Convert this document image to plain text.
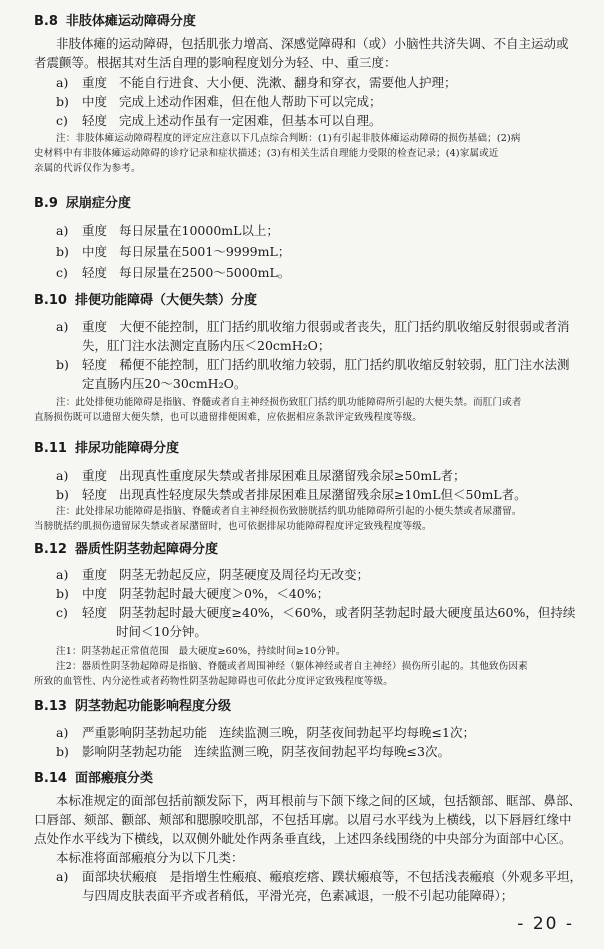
B.8 非肢体瘫运动障碍分度
非肢体瘫的运动障碍，包括肌张力增高、深感觉障碍和（或）小脑性共济失调、不自主运动或
者震颤等。根据其对生活自理的影响程度划分为轻、中、重三度：
a) 重度 不能自行进食、大小便、洗漱、翻身和穿衣，需要他人护理；
b) 中度 完成上述动作困难，但在他人帮助下可以完成；
c) 轻度 完成上述动作虽有一定困难，但基本可以自理。
注：非肢体瘫运动障碍程度的评定应注意以下几点综合判断：(1)有引起非肢体瘫运动障碍的损伤基础；(2)病
史材料中有非肢体瘫运动障碍的诊疗记录和症状描述；(3)有相关生活自理能力受限的检查记录；(4)家属或近
亲属的代诉仅作为参考。
B.9 尿崩症分度
a) 重度 每日尿量在10000mL以上；
b) 中度 每日尿量在5001～9999mL；
c) 轻度 每日尿量在2500～5000mL。
B.10 排便功能障碍（大便失禁）分度
a) 重度　大便不能控制，肛门括约肌收缩力很弱或者丧失，肛门括约肌收缩反射很弱或者消
失，肛门注水法测定直肠内压＜20cmH₂O；
b) 轻度　稀便不能控制，肛门括约肌收缩力较弱，肛门括约肌收缩反射较弱，肛门注水法测
定直肠内压20～30cmH₂O。
注：此处排便功能障碍是指脑、脊髓或者自主神经损伤致肛门括约肌功能障碍所引起的大便失禁。而肛门或者
直肠损伤既可以遗留大便失禁，也可以遗留排便困难，应依据相应条款评定致残程度等级。
B.11 排尿功能障碍分度
a) 重度 出现真性重度尿失禁或者排尿困难且尿潴留残余尿≥50mL者；
b) 轻度 出现真性轻度尿失禁或者排尿困难且尿潴留残余尿≥10mL但＜50mL者。
注：此处排尿功能障碍是指脑、脊髓或者自主神经损伤致膀胱括约肌功能障碍所引起的小便失禁或者尿潴留。
当膀胱括约肌损伤遗留尿失禁或者尿潴留时，也可依据排尿功能障碍程度评定致残程度等级。
B.12 器质性阴茎勃起障碍分度
a) 重度 阴茎无勃起反应，阴茎硬度及周径均无改变；
b) 中度 阴茎勃起时最大硬度＞0%，＜40%；
c) 轻度 阴茎勃起时最大硬度≥40%，＜60%，或者阴茎勃起时最大硬度虽达60%，但持续
时间＜10分钟。
注1：阴茎勃起正常值范围　最大硬度≥60%，持续时间≥10分钟。
注2：器质性阴茎勃起障碍是指脑、脊髓或者周围神经（躯体神经或者自主神经）损伤所引起的。其他致伤因素
所致的血管性、内分泌性或者药物性阴茎勃起障碍也可依此分度评定致残程度等级。
B.13 阴茎勃起功能影响程度分级
a) 严重影响阴茎勃起功能 连续监测三晚，阴茎夜间勃起平均每晚≤1次；
b) 影响阴茎勃起功能 连续监测三晚，阴茎夜间勃起平均每晚≤3次。
B.14 面部瘢痕分类
本标准规定的面部包括前额发际下，两耳根前与下颌下缘之间的区域，包括额部、眶部、鼻部、
口唇部、颏部、颧部、颊部和腮腺咬肌部，不包括耳廓。以眉弓水平线为上横线，以下唇唇红缘中
点处作水平线为下横线，以双侧外眦处作两条垂直线，上述四条线围绕的中央部分为面部中心区。
本标准将面部瘢痕分为以下几类：
a) 面部块状瘢痕　是指增生性瘢痕、瘢痕疙瘩、蹼状瘢痕等，不包括浅表瘢痕（外观多平坦，
与四周皮肤表面平齐或者稍低，平滑光亮，色素减退，一般不引起功能障碍）；
- 20 -
